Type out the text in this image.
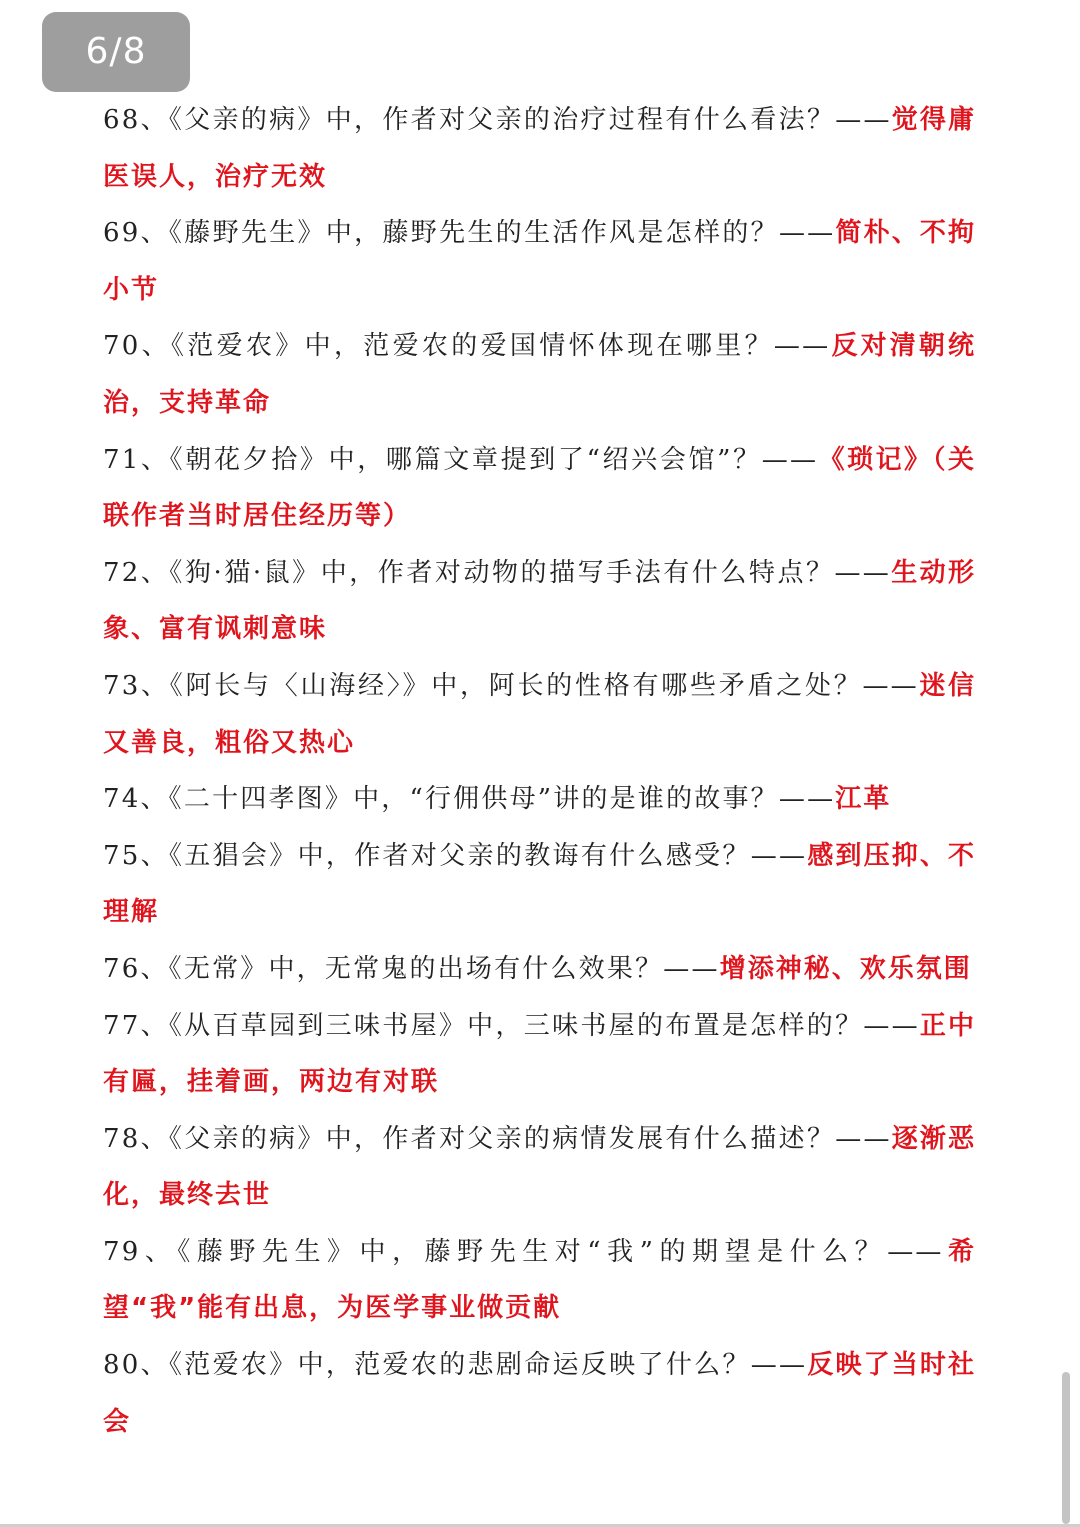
6/8

68、《父亲的病》中，作者对父亲的治疗过程有什么看法？——觉得庸医误人，治疗无效

69、《藤野先生》中，藤野先生的生活作风是怎样的？——简朴、不拘小节

70、《范爱农》中，范爱农的爱国情怀体现在哪里？——反对清朝统治，支持革命

71、《朝花夕拾》中，哪篇文章提到了“绍兴会馆”？——《琐记》（关联作者当时居住经历等）

72、《狗·猫·鼠》中，作者对动物的描写手法有什么特点？——生动形象、富有讽刺意味

73、《阿长与〈山海经〉》中，阿长的性格有哪些矛盾之处？——迷信又善良，粗俗又热心

74、《二十四孝图》中，“行佣供母”讲的是谁的故事？——江革

75、《五猖会》中，作者对父亲的教诲有什么感受？——感到压抑、不理解

76、《无常》中，无常鬼的出场有什么效果？——增添神秘、欢乐氛围

77、《从百草园到三味书屋》中，三味书屋的布置是怎样的？——正中有匾，挂着画，两边有对联

78、《父亲的病》中，作者对父亲的病情发展有什么描述？——逐渐恶化，最终去世

79、《藤野先生》中，藤野先生对“我”的期望是什么？——希望“我”能有出息，为医学事业做贡献

80、《范爱农》中，范爱农的悲剧命运反映了什么？——反映了当时社会
